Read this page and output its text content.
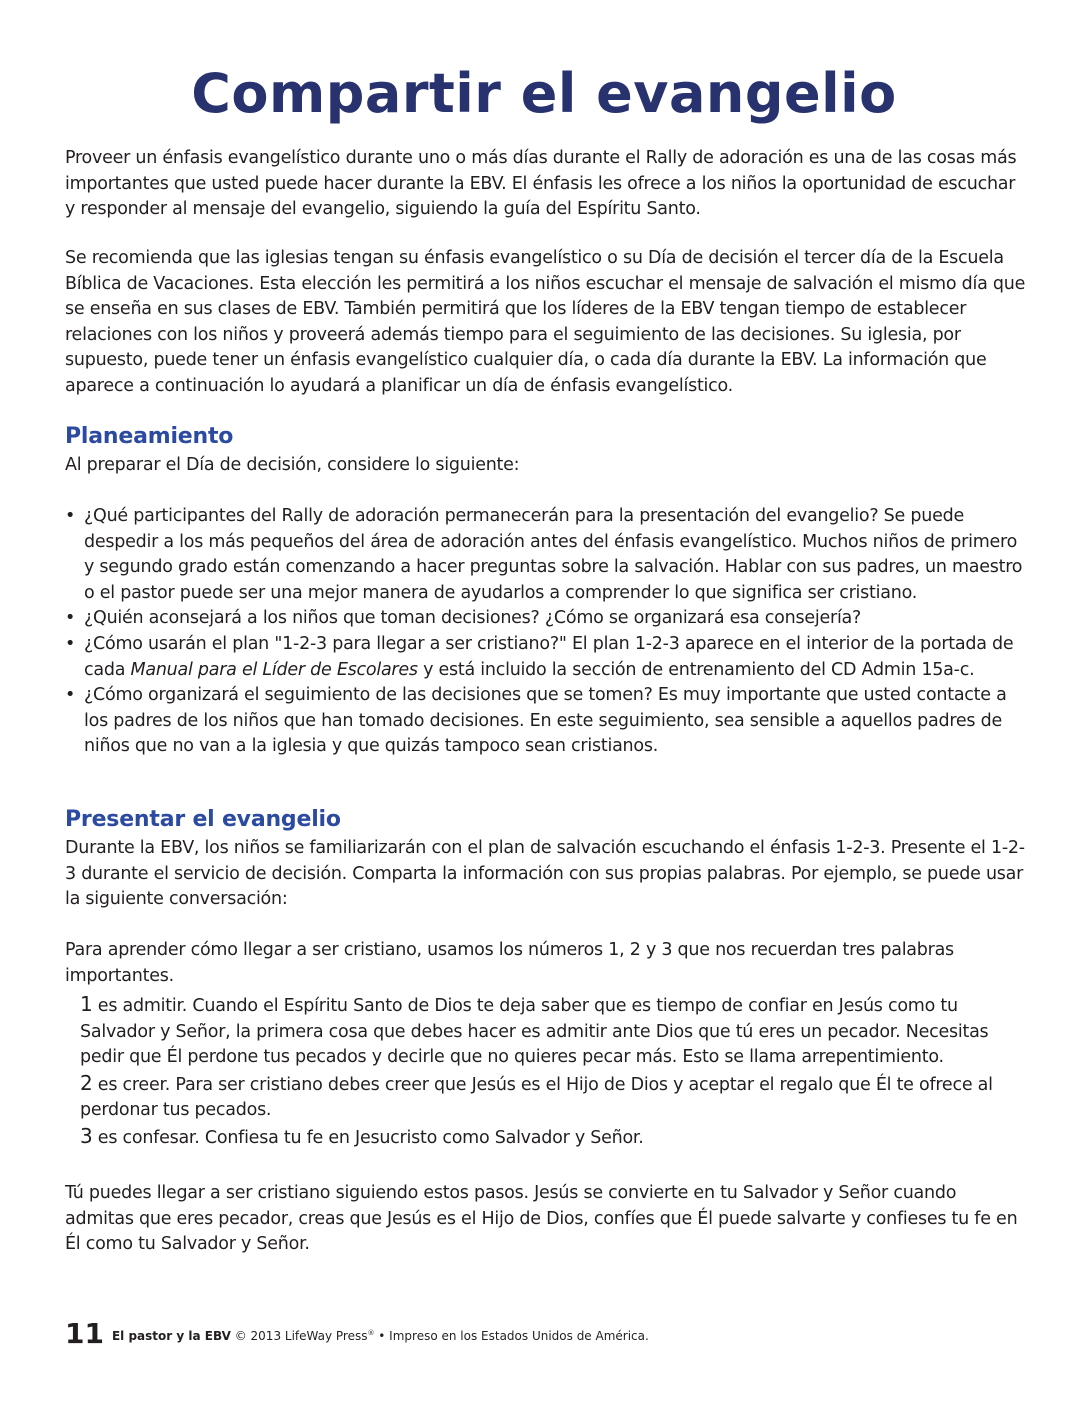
Compartir el evangelio

Proveer un énfasis evangelístico durante uno o más días durante el Rally de adoración es una de las cosas más importantes que usted puede hacer durante la EBV. El énfasis les ofrece a los niños la oportunidad de escuchar y responder al mensaje del evangelio, siguiendo la guía del Espíritu Santo.

Se recomienda que las iglesias tengan su énfasis evangelístico o su Día de decisión el tercer día de la Escuela Bíblica de Vacaciones. Esta elección les permitirá a los niños escuchar el mensaje de salvación el mismo día que se enseña en sus clases de EBV. También permitirá que los líderes de la EBV tengan tiempo de establecer relaciones con los niños y proveerá además tiempo para el seguimiento de las decisiones. Su iglesia, por supuesto, puede tener un énfasis evangelístico cualquier día, o cada día durante la EBV. La información que aparece a continuación lo ayudará a planificar un día de énfasis evangelístico.

Planeamiento

Al preparar el Día de decisión, considere lo siguiente:

• ¿Qué participantes del Rally de adoración permanecerán para la presentación del evangelio? Se puede despedir a los más pequeños del área de adoración antes del énfasis evangelístico. Muchos niños de primero y segundo grado están comenzando a hacer preguntas sobre la salvación. Hablar con sus padres, un maestro o el pastor puede ser una mejor manera de ayudarlos a comprender lo que significa ser cristiano.
• ¿Quién aconsejará a los niños que toman decisiones? ¿Cómo se organizará esa consejería?
• ¿Cómo usarán el plan "1-2-3 para llegar a ser cristiano?" El plan 1-2-3 aparece en el interior de la portada de cada Manual para el Líder de Escolares y está incluido la sección de entrenamiento del CD Admin 15a-c.
• ¿Cómo organizará el seguimiento de las decisiones que se tomen? Es muy importante que usted contacte a los padres de los niños que han tomado decisiones. En este seguimiento, sea sensible a aquellos padres de niños que no van a la iglesia y que quizás tampoco sean cristianos.
Presentar el evangelio

Durante la EBV, los niños se familiarizarán con el plan de salvación escuchando el énfasis 1-2-3. Presente el 1-2-3 durante el servicio de decisión. Comparta la información con sus propias palabras. Por ejemplo, se puede usar la siguiente conversación:

Para aprender cómo llegar a ser cristiano, usamos los números 1, 2 y 3 que nos recuerdan tres palabras importantes.

1 es admitir. Cuando el Espíritu Santo de Dios te deja saber que es tiempo de confiar en Jesús como tu Salvador y Señor, la primera cosa que debes hacer es admitir ante Dios que tú eres un pecador. Necesitas pedir que Él perdone tus pecados y decirle que no quieres pecar más. Esto se llama arrepentimiento.
2 es creer. Para ser cristiano debes creer que Jesús es el Hijo de Dios y aceptar el regalo que Él te ofrece al perdonar tus pecados.
3 es confesar. Confiesa tu fe en Jesucristo como Salvador y Señor.

Tú puedes llegar a ser cristiano siguiendo estos pasos. Jesús se convierte en tu Salvador y Señor cuando admitas que eres pecador, creas que Jesús es el Hijo de Dios, confíes que Él puede salvarte y confieses tu fe en Él como tu Salvador y Señor.

11 El pastor y la EBV © 2013 LifeWay Press® • Impreso en los Estados Unidos de América.
